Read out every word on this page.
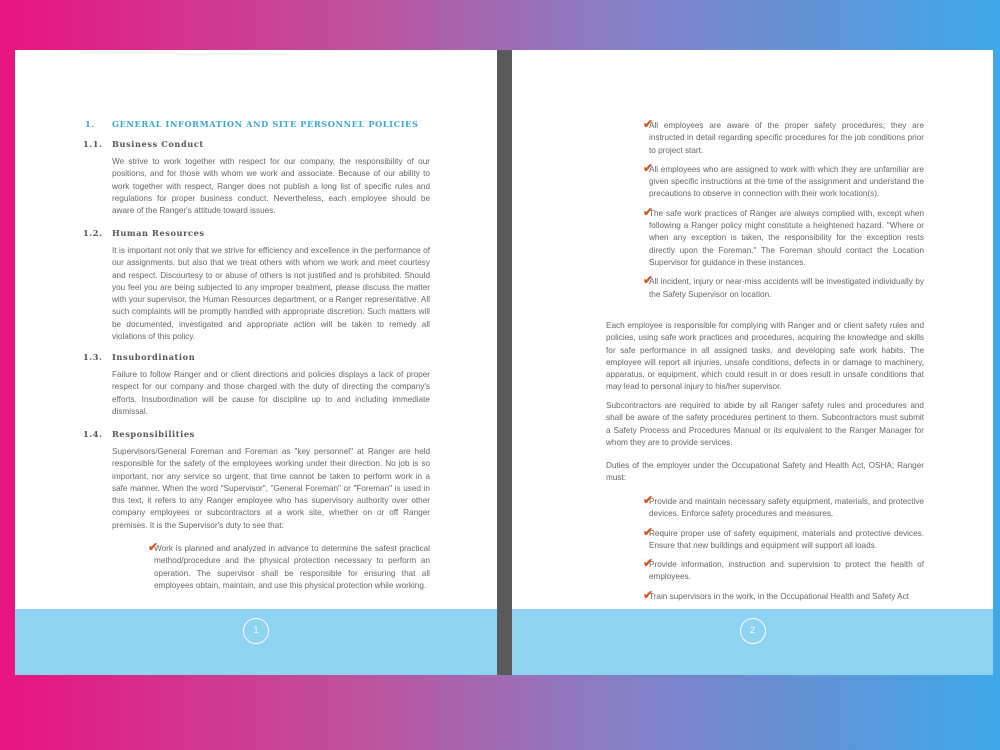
1. GENERAL INFORMATION AND SITE PERSONNEL POLICIES
1.1. Business Conduct

We strive to work together with respect for our company, the responsibility of our positions, and for those with whom we work and associate. Because of our ability to work together with respect, Ranger does not publish a long list of specific rules and regulations for proper business conduct. Nevertheless, each employee should be aware of the Ranger's attitude toward issues.

1.2. Human Resources

It is important not only that we strive for efficiency and excellence in the performance of our assignments, but also that we treat others with whom we work and meet courtesy and respect. Discourtesy to or abuse of others is not justified and is prohibited. Should you feel you are being subjected to any improper treatment, please discuss the matter with your supervisor, the Human Resources department, or a Ranger representative. All such complaints will be promptly handled with appropriate discretion. Such matters will be documented, investigated and appropriate action will be taken to remedy all violations of this policy.

1.3. Insubordination

Failure to follow Ranger and or client directions and policies displays a lack of proper respect for our company and those charged with the duty of directing the company's efforts. Insubordination will be cause for discipline up to and including immediate dismissal.

1.4. Responsibilities

Supervisors/General Foreman and Foreman as "key personnel" at Ranger are held responsible for the safety of the employees working under their direction. No job is so important, nor any service so urgent, that time cannot be taken to perform work in a safe manner. When the word "Supervisor", "General Foreman" or "Foreman" is used in this text, it refers to any Ranger employee who has supervisory authority over other company employees or subcontractors at a work site, whether on or off Ranger premises. It is the Supervisor's duty to see that:

✔

Work is planned and analyzed in advance to determine the safest practical method/procedure and the physical protection necessary to perform an operation. The supervisor shall be responsible for ensuring that all employees obtain, maintain, and use this physical protection while working.

1
✔

All employees are aware of the proper safety procedures; they are instructed in detail regarding specific procedures for the job conditions prior to project start.

✔

All employees who are assigned to work with which they are unfamiliar are given specific instructions at the time of the assignment and understand the precautions to observe in connection with their work location(s).

✔

The safe work practices of Ranger are always complied with, except when following a Ranger policy might constitute a heightened hazard. "Where or when any exception is taken, the responsibility for the exception rests directly upon the Foreman." The Foreman should contact the Location Supervisor for guidance in these instances.

✔

All incident, injury or near-miss accidents will be investigated individually by the Safety Supervisor on location.

Each employee is responsible for complying with Ranger and or client safety rules and policies, using safe work practices and procedures, acquiring the knowledge and skills for safe performance in all assigned tasks, and developing safe work habits. The employee will report all injuries, unsafe conditions, defects in or damage to machinery, apparatus, or equipment, which could result in or does result in unsafe conditions that may lead to personal injury to his/her supervisor.

Subcontractors are required to abide by all Ranger safety rules and procedures and shall be aware of the safety procedures pertinent to them. Subcontractors must submit a Safety Process and Procedures Manual or its equivalent to the Ranger Manager for whom they are to provide services.

Duties of the employer under the Occupational Safety and Health Act, OSHA; Ranger must:

✔

Provide and maintain necessary safety equipment, materials, and protective devices. Enforce safety procedures and measures.

✔

Require proper use of safety equipment, materials and protective devices. Ensure that new buildings and equipment will support all loads.

✔

Provide information, instruction and supervision to protect the health of employees.

✔

Train supervisors in the work, in the Occupational Health and Safety Act

2
